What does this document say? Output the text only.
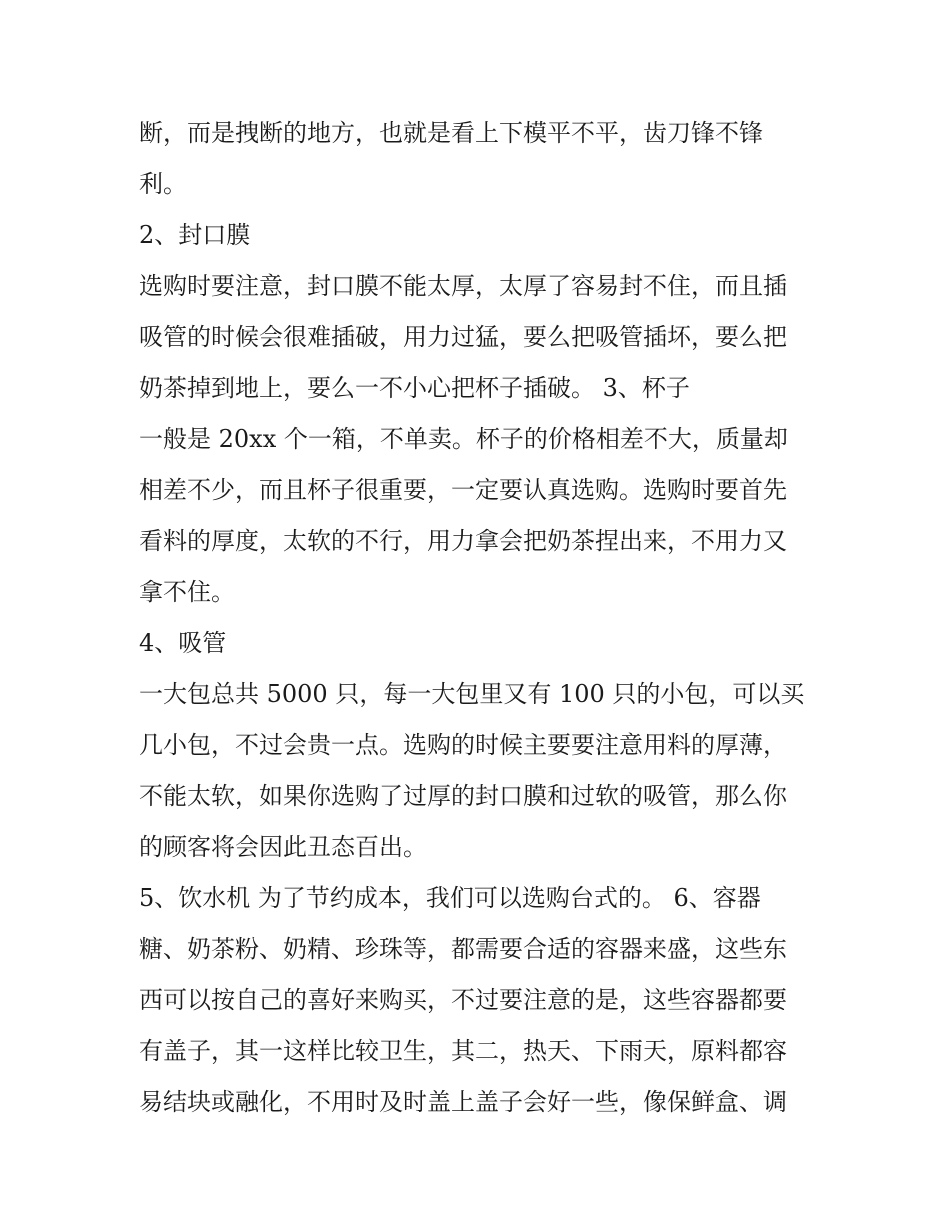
断，而是拽断的地方，也就是看上下模平不平，齿刀锋不锋
利。
2、封口膜
选购时要注意，封口膜不能太厚，太厚了容易封不住，而且插
吸管的时候会很难插破，用力过猛，要么把吸管插坏，要么把
奶茶掉到地上，要么一不小心把杯子插破。 3、杯子
一般是 20xx 个一箱，不单卖。杯子的价格相差不大，质量却
相差不少，而且杯子很重要，一定要认真选购。选购时要首先
看料的厚度，太软的不行，用力拿会把奶茶捏出来，不用力又
拿不住。
4、吸管
一大包总共 5000 只，每一大包里又有 100 只的小包，可以买
几小包，不过会贵一点。选购的时候主要要注意用料的厚薄，
不能太软，如果你选购了过厚的封口膜和过软的吸管，那么你
的顾客将会因此丑态百出。
5、饮水机 为了节约成本，我们可以选购台式的。 6、容器
糖、奶茶粉、奶精、珍珠等，都需要合适的容器来盛，这些东
西可以按自己的喜好来购买，不过要注意的是，这些容器都要
有盖子，其一这样比较卫生，其二，热天、下雨天，原料都容
易结块或融化，不用时及时盖上盖子会好一些，像保鲜盒、调
